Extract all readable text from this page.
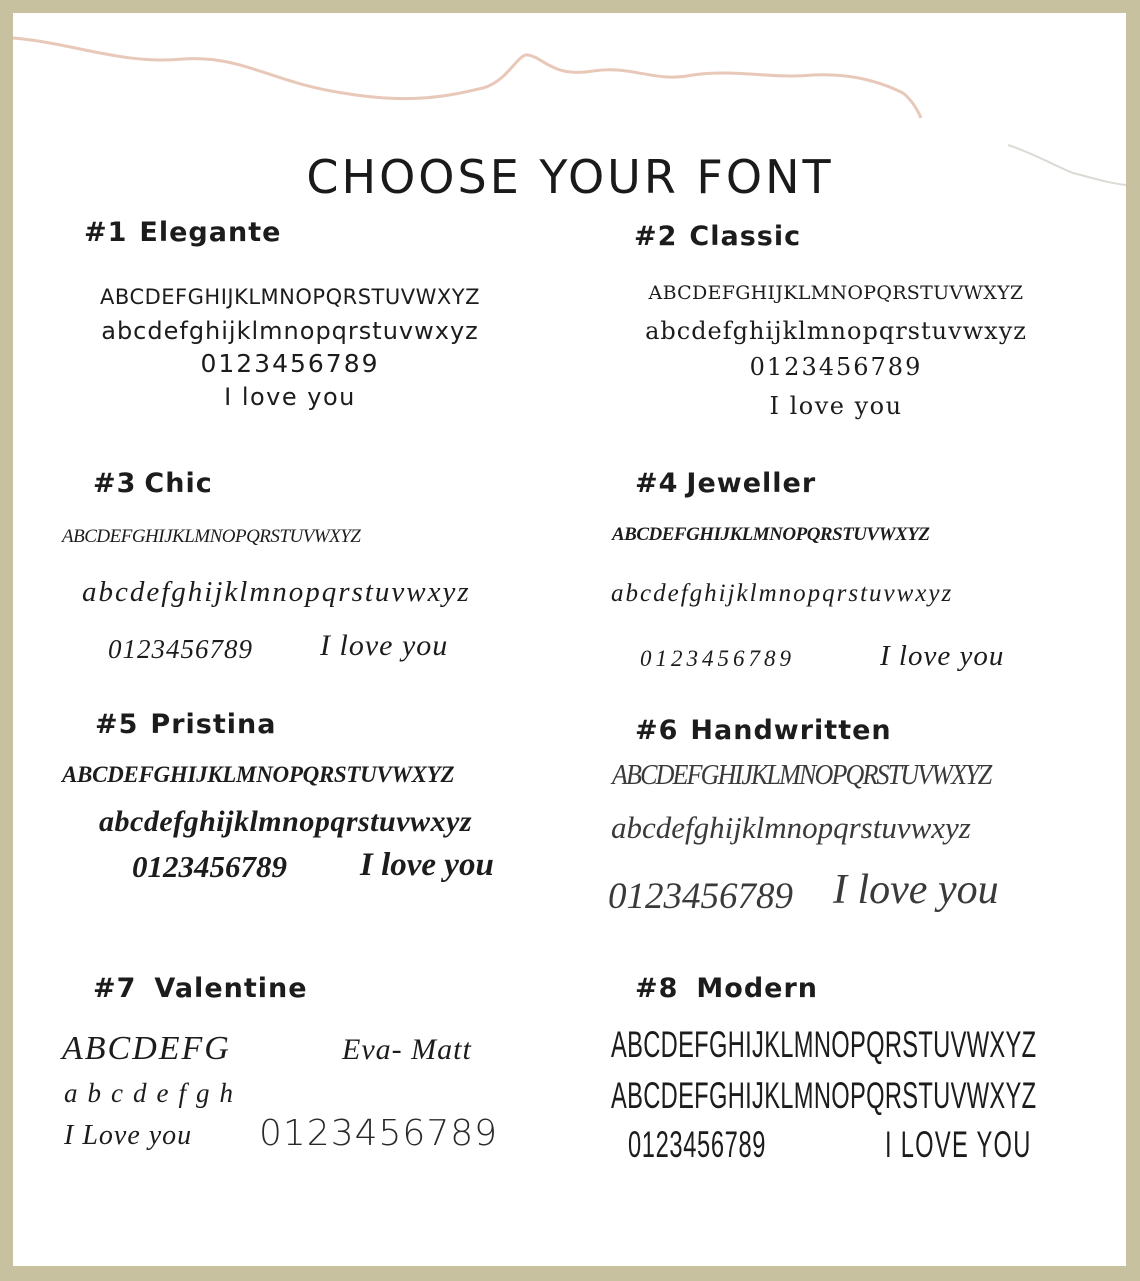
CHOOSE YOUR FONT
#1 Elegante
ABCDEFGHIJKLMNOPQRSTUVWXYZ
abcdefghijklmnopqrstuvwxyz
0123456789
I love you
#2 Classic
ABCDEFGHIJKLMNOPQRSTUVWXYZ
abcdefghijklmnopqrstuvwxyz
0123456789
I love you
#3 Chic
ABCDEFGHIJKLMNOPQRSTUVWXYZ
abcdefghijklmnopqrstuvwxyz
0123456789 I love you
#4 Jeweller
ABCDEFGHIJKLMNOPQRSTUVWXYZ
abcdefghijklmnopqrstuvwxyz
0123456789	I love you
#5 Pristina
ABCDEFGHIJKLMNOPQRSTUVWXYZ
abcdefghijklmnopqrstuvwxyz
0123456789 I love you
#6 Handwritten
ABCDEFGHIJKLMNOPQRSTUVWXYZ
abcdefghijklmnopqrstuvwxyz
0123456789 I love you
#7 Valentine
ABCDEFG	Eva- Matt
abcdefgh
I Love you 0123456789
#8 Modern
ABCDEFGHIJKLMNOPQRSTUVWXYZ
ABCDEFGHIJKLMNOPQRSTUVWXYZ
0123456789	I LOVE YOU
